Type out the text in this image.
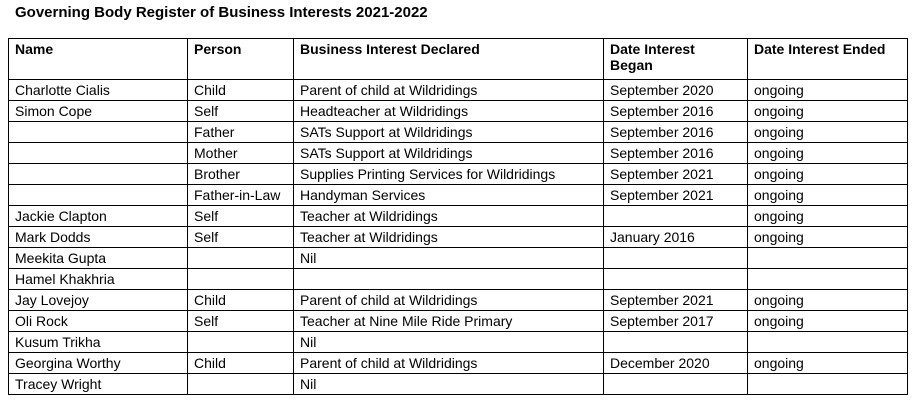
Governing Body Register of Business Interests 2021-2022
Name	Person	Business Interest Declared	Date Interest Began	Date Interest Ended
Charlotte Cialis	Child	Parent of child at Wildridings	September 2020	ongoing
Simon Cope	Self	Headteacher at Wildridings	September 2016	ongoing
	Father	SATs Support at Wildridings	September 2016	ongoing
	Mother	SATs Support at Wildridings	September 2016	ongoing
	Brother	Supplies Printing Services for Wildridings	September 2021	ongoing
	Father-in-Law	Handyman Services	September 2021	ongoing
Jackie Clapton	Self	Teacher at Wildridings		ongoing
Mark Dodds	Self	Teacher at Wildridings	January 2016	ongoing
Meekita Gupta		Nil		
Hamel Khakhria				
Jay Lovejoy	Child	Parent of child at Wildridings	September 2021	ongoing
Oli Rock	Self	Teacher at Nine Mile Ride Primary	September 2017	ongoing
Kusum Trikha		Nil		
Georgina Worthy	Child	Parent of child at Wildridings	December 2020	ongoing
Tracey Wright		Nil		
